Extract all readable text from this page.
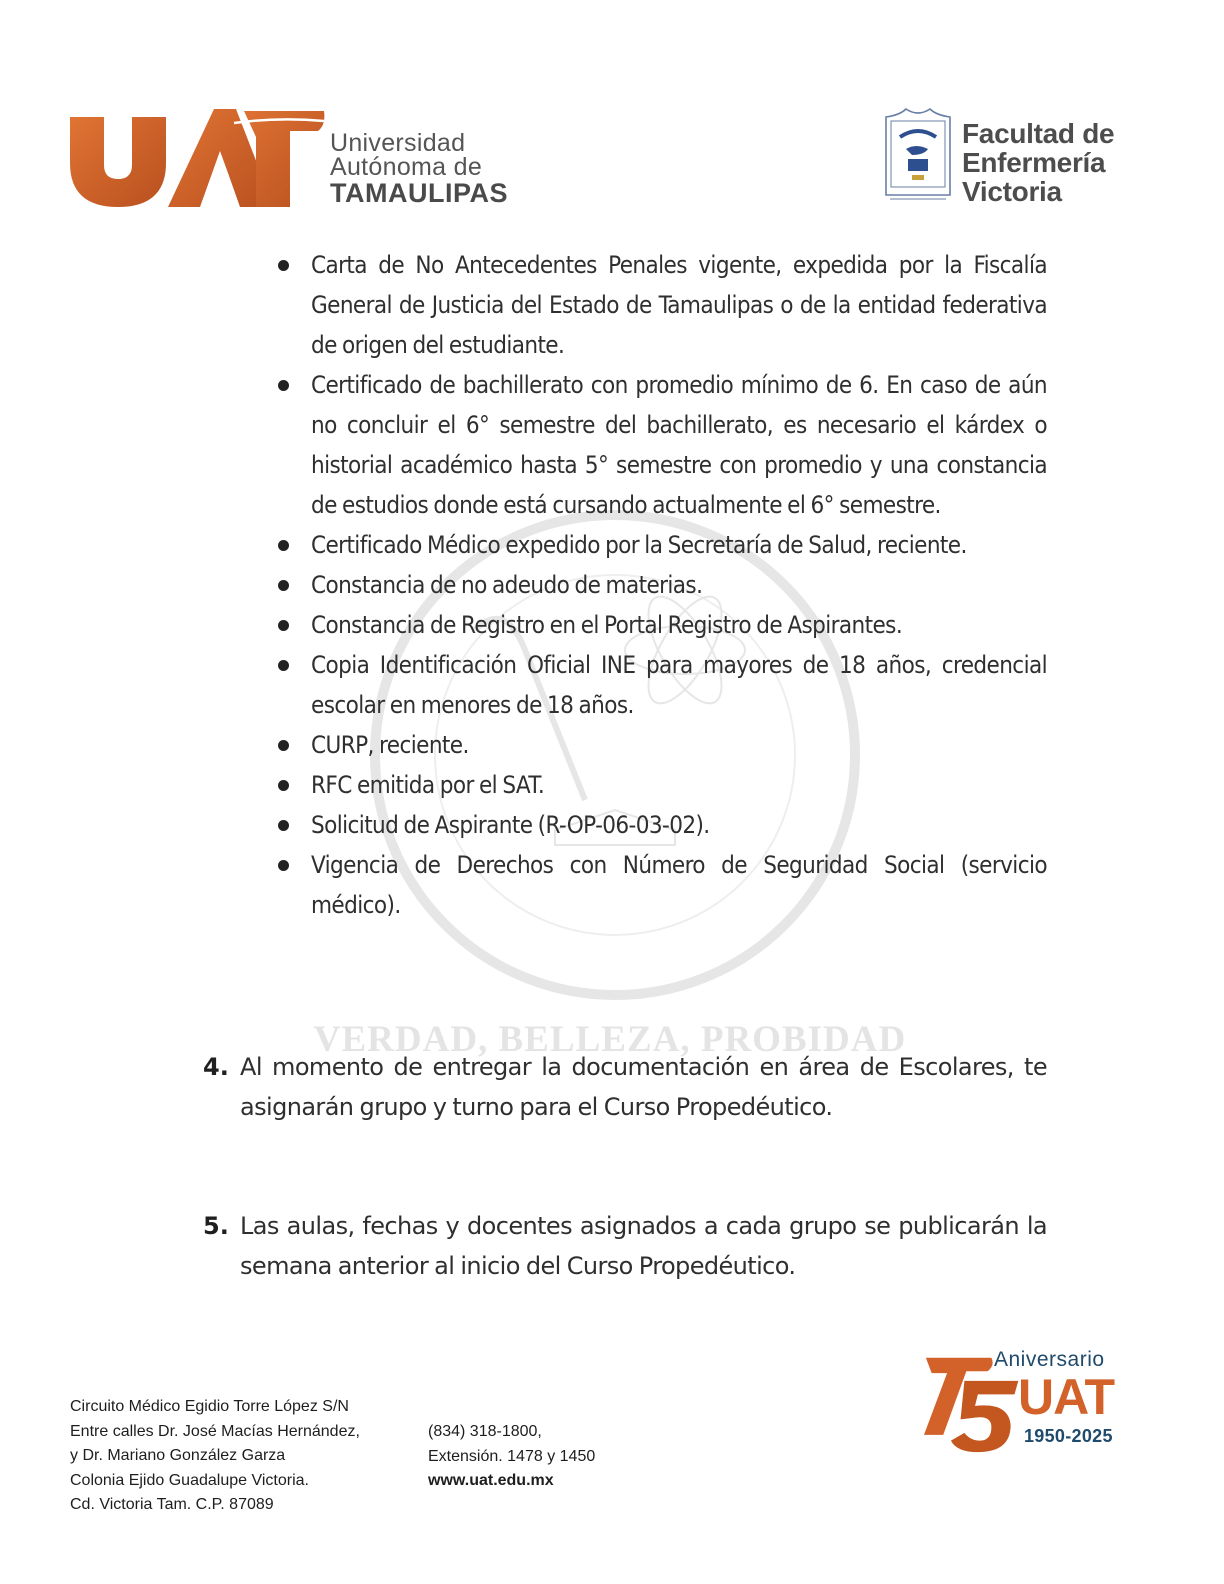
Universidad
Autónoma de
TAMAULIPAS
Facultad de
Enfermería
Victoria
VERDAD, BELLEZA, PROBIDAD
Carta de No Antecedentes Penales vigente, expedida por la Fiscalía General de Justicia del Estado de Tamaulipas o de la entidad federativa de origen del estudiante.
Certificado de bachillerato con promedio mínimo de 6. En caso de aún no concluir el 6° semestre del bachillerato, es necesario el kárdex o historial académico hasta 5° semestre con promedio y una constancia de estudios donde está cursando actualmente el 6° semestre.
Certificado Médico expedido por la Secretaría de Salud, reciente.
Constancia de no adeudo de materias.
Constancia de Registro en el Portal Registro de Aspirantes.
Copia Identificación Oficial INE para mayores de 18 años, credencial escolar en menores de 18 años.
CURP, reciente.
RFC emitida por el SAT.
Solicitud de Aspirante (R-OP-06-03-02).
Vigencia de Derechos con Número de Seguridad Social (servicio médico).
4. Al momento de entregar la documentación en área de Escolares, te asignarán grupo y turno para el Curso Propedéutico.
5. Las aulas, fechas y docentes asignados a cada grupo se publicarán la semana anterior al inicio del Curso Propedéutico.
Circuito Médico Egidio Torre López S/N
Entre calles Dr. José Macías Hernández,
y Dr. Mariano González Garza
Colonia Ejido Guadalupe Victoria.
Cd. Victoria Tam. C.P. 87089
(834) 318-1800,
Extensión. 1478 y 1450
www.uat.edu.mx
Aniversario
UAT
1950-2025
